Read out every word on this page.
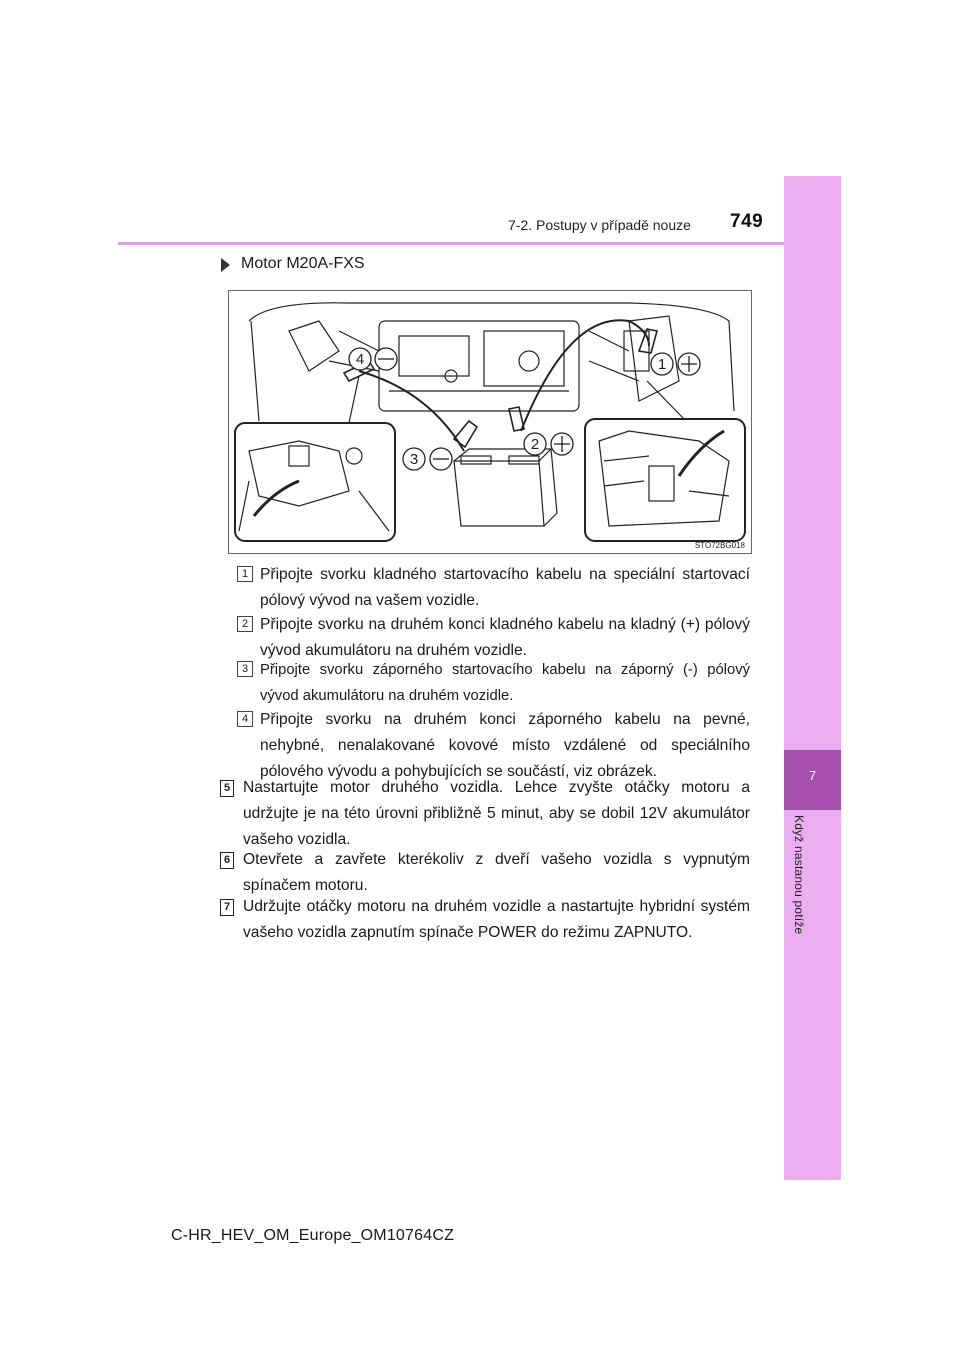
7-2. Postupy v případě nouze 749
7
Když nastanou potíže
Motor M20A-FXS
1
2
3
4
STO72BG018
1 Připojte svorku kladného startovacího kabelu na speciální startovací pólový vývod na vašem vozidle.
2 Připojte svorku na druhém konci kladného kabelu na kladný (+) pólový vývod akumulátoru na druhém vozidle.
3 Připojte svorku záporného startovacího kabelu na záporný (-) pólový vývod akumulátoru na druhém vozidle.
4 Připojte svorku na druhém konci záporného kabelu na pevné, nehybné, nenalakované kovové místo vzdálené od speciálního pólového vývodu a pohybujících se součástí, viz obrázek.
5 Nastartujte motor druhého vozidla. Lehce zvyšte otáčky motoru a udržujte je na této úrovni přibližně 5 minut, aby se dobil 12V akumulátor vašeho vozidla.
6 Otevřete a zavřete kterékoliv z dveří vašeho vozidla s vypnutým spínačem motoru.
7 Udržujte otáčky motoru na druhém vozidle a nastartujte hybridní systém vašeho vozidla zapnutím spínače POWER do režimu ZAPNUTO.
C-HR_HEV_OM_Europe_OM10764CZ
